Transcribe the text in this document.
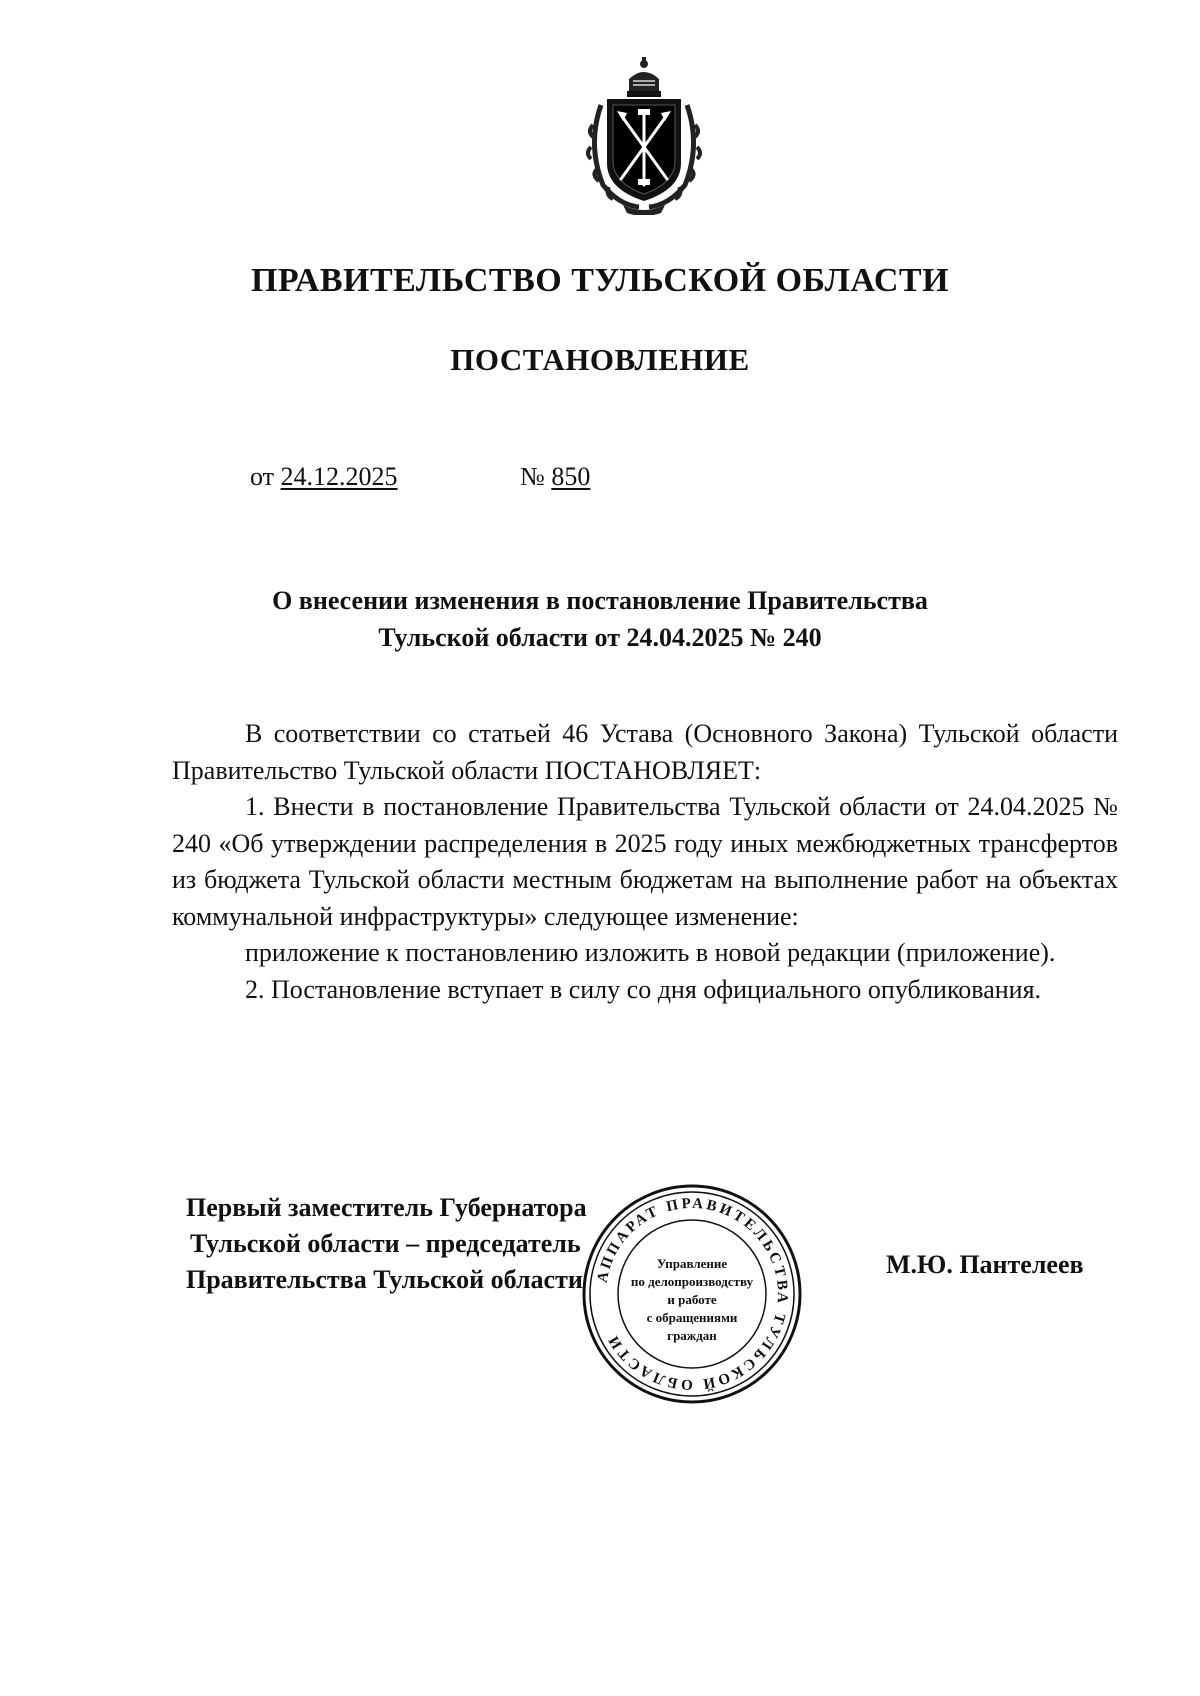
ПРАВИТЕЛЬСТВО ТУЛЬСКОЙ ОБЛАСТИ
ПОСТАНОВЛЕНИЕ
от 24.12.2025	№ 850
О внесении изменения в постановление Правительства
Тульской области от 24.04.2025 № 240

В соответствии со статьей 46 Устава (Основного Закона) Тульской области Правительство Тульской области ПОСТАНОВЛЯЕТ:

1. Внести в постановление Правительства Тульской области от 24.04.2025 № 240 «Об утверждении распределения в 2025 году иных межбюджетных трансфертов из бюджета Тульской области местным бюджетам на выполнение работ на объектах коммунальной инфраструктуры» следующее изменение:

приложение к постановлению изложить в новой редакции (приложение).

2. Постановление вступает в силу со дня официального опубликования.

Первый заместитель Губернатора
Тульской области – председатель
Правительства Тульской области АППАРАТ ПРАВИТЕЛЬСТВА ТУЛЬСКОЙ ОБЛАСТИ
Управление
по делопроизводству
и работе
с обращениями
граждан
М.Ю. Пантелеев
